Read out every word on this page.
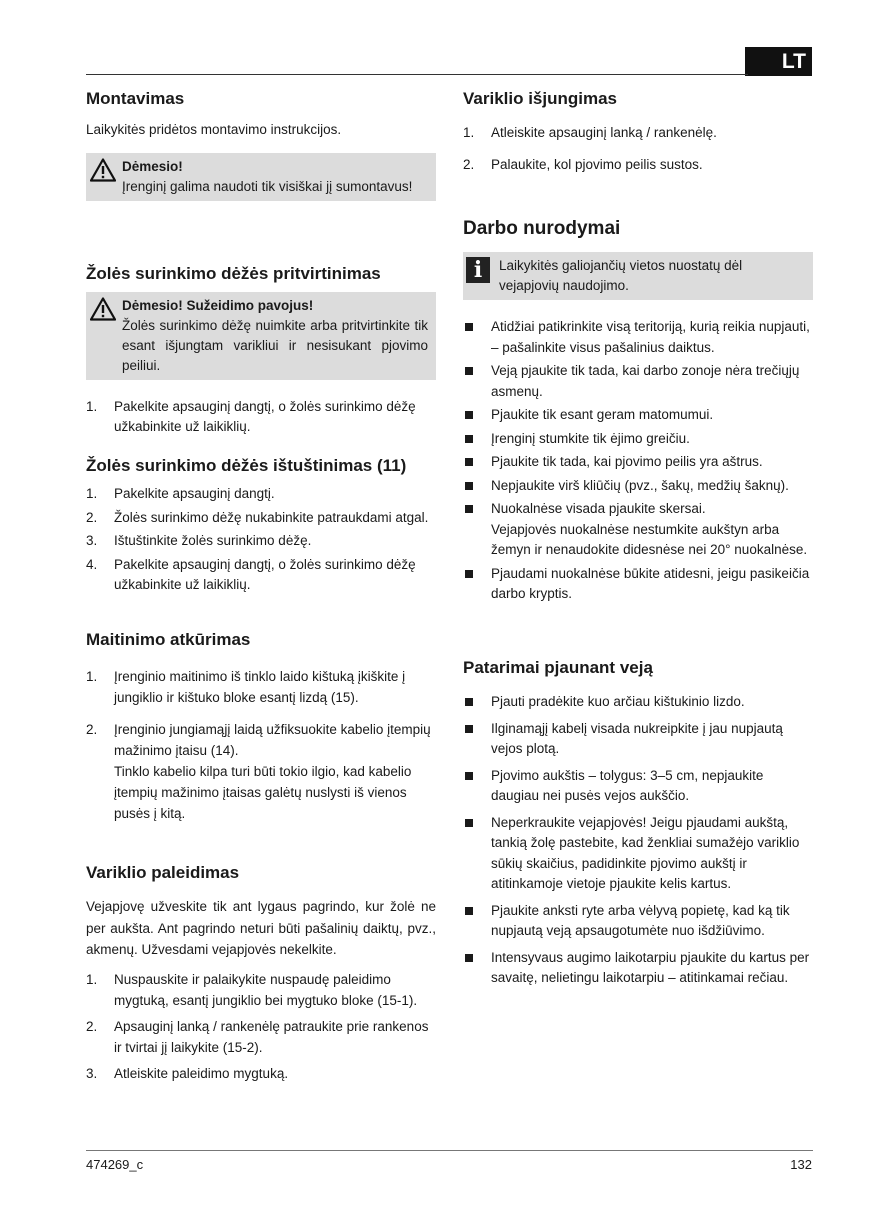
LT
Montavimas

Laikykitės pridėtos montavimo instrukcijos.

Dėmesio!
Įrenginį galima naudoti tik visiškai jį sumontavus!
Žolės surinkimo dėžės pritvirtinimas
Dėmesio! Sužeidimo pavojus!
Žolės surinkimo dėžę nuimkite arba pritvirtinkite tik esant išjungtam varikliui ir nesisukant pjovimo peiliui.
1. Pakelkite apsauginį dangtį, o žolės surinkimo dėžę užkabinkite už laikiklių.
Žolės surinkimo dėžės ištuštinimas (11)
1. Pakelkite apsauginį dangtį.
2. Žolės surinkimo dėžę nukabinkite patraukdami atgal.
3. Ištuštinkite žolės surinkimo dėžę.
4. Pakelkite apsauginį dangtį, o žolės surinkimo dėžę užkabinkite už laikiklių.
Maitinimo atkūrimas
1. Įrenginio maitinimo iš tinklo laido kištuką įkiškite į jungiklio ir kištuko bloke esantį lizdą (15).
2. Įrenginio jungiamąjį laidą užfiksuokite kabelio įtempių mažinimo įtaisu (14).
Tinklo kabelio kilpa turi būti tokio ilgio, kad kabelio įtempių mažinimo įtaisas galėtų nuslysti iš vienos pusės į kitą.
Variklio paleidimas

Vejapjovę užveskite tik ant lygaus pagrindo, kur žolė ne per aukšta. Ant pagrindo neturi būti pašalinių daiktų, pvz., akmenų. Užvesdami vejapjovės nekelkite.

1. Nuspauskite ir palaikykite nuspaudę paleidimo mygtuką, esantį jungiklio bei mygtuko bloke (15-1).
2. Apsauginį lanką / rankenėlę patraukite prie rankenos ir tvirtai jį laikykite (15-2).
3. Atleiskite paleidimo mygtuką.
Variklio išjungimas
1. Atleiskite apsauginį lanką / rankenėlę.
2. Palaukite, kol pjovimo peilis sustos.
Darbo nurodymai
i	Laikykitės galiojančių vietos nuostatų dėl vejapjovių naudojimo.
Atidžiai patikrinkite visą teritoriją, kurią reikia nupjauti, – pašalinkite visus pašalinius daiktus.
Veją pjaukite tik tada, kai darbo zonoje nėra trečiųjų asmenų.
Pjaukite tik esant geram matomumui.
Įrenginį stumkite tik ėjimo greičiu.
Pjaukite tik tada, kai pjovimo peilis yra aštrus.
Nepjaukite virš kliūčių (pvz., šakų, medžių šaknų).
Nuokalnėse visada pjaukite skersai.
Vejapjovės nuokalnėse nestumkite aukštyn arba žemyn ir nenaudokite didesnėse nei 20° nuokalnėse.
Pjaudami nuokalnėse būkite atidesni, jeigu pasikeičia darbo kryptis.
Patarimai pjaunant veją
Pjauti pradėkite kuo arčiau kištukinio lizdo.
Ilginamąjį kabelį visada nukreipkite į jau nupjautą vejos plotą.
Pjovimo aukštis – tolygus: 3–5 cm, nepjaukite daugiau nei pusės vejos aukščio.
Neperkraukite vejapjovės! Jeigu pjaudami aukštą, tankią žolę pastebite, kad ženkliai sumažėjo variklio sūkių skaičius, padidinkite pjovimo aukštį ir atitinkamoje vietoje pjaukite kelis kartus.
Pjaukite anksti ryte arba vėlyvą popietę, kad ką tik nupjautą veją apsaugotumėte nuo išdžiūvimo.
Intensyvaus augimo laikotarpiu pjaukite du kartus per savaitę, nelietingu laikotarpiu – atitinkamai rečiau.
474269_c	132
